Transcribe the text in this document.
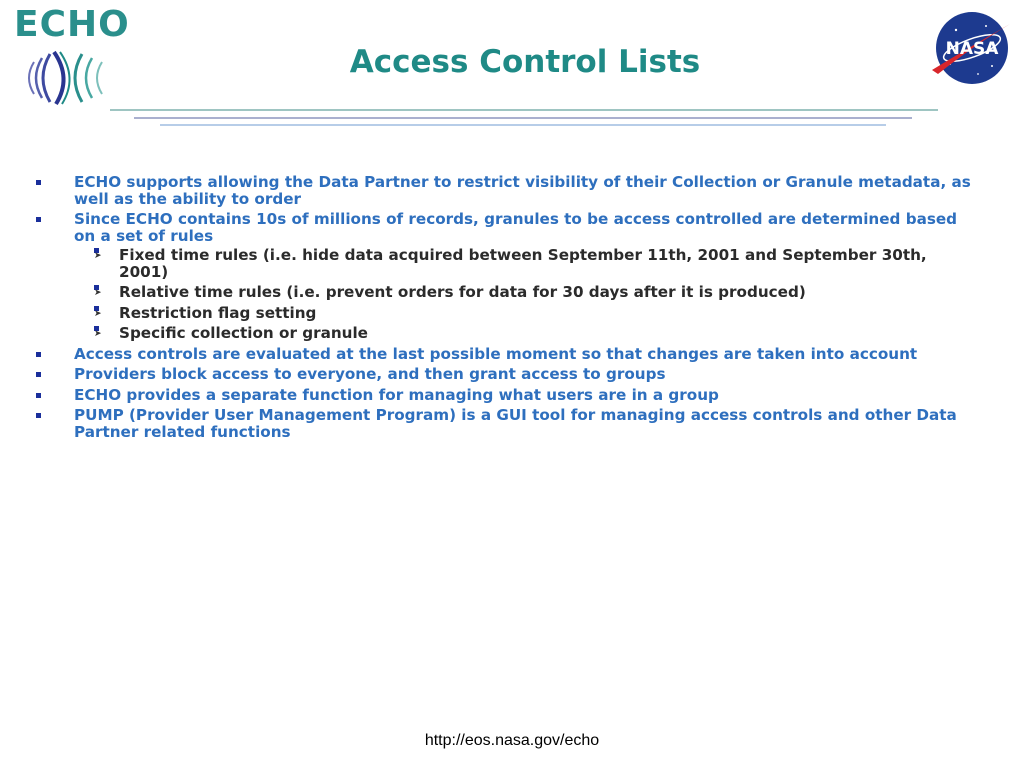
ECHO
NASA
Access Control Lists
ECHO supports allowing the Data Partner to restrict visibility of their Collection or Granule metadata, as well as the ability to order
Since ECHO contains 10s of millions of records, granules to be access controlled are determined based on a set of rules
➤ Fixed time rules (i.e. hide data acquired between September 11th, 2001 and September 30th, 2001)
➤ Relative time rules (i.e. prevent orders for data for 30 days after it is produced)
➤ Restriction flag setting
➤ Specific collection or granule
Access controls are evaluated at the last possible moment so that changes are taken into account
Providers block access to everyone, and then grant access to groups
ECHO provides a separate function for managing what users are in a group
PUMP (Provider User Management Program) is a GUI tool for managing access controls and other Data Partner related functions
http://eos.nasa.gov/echo
